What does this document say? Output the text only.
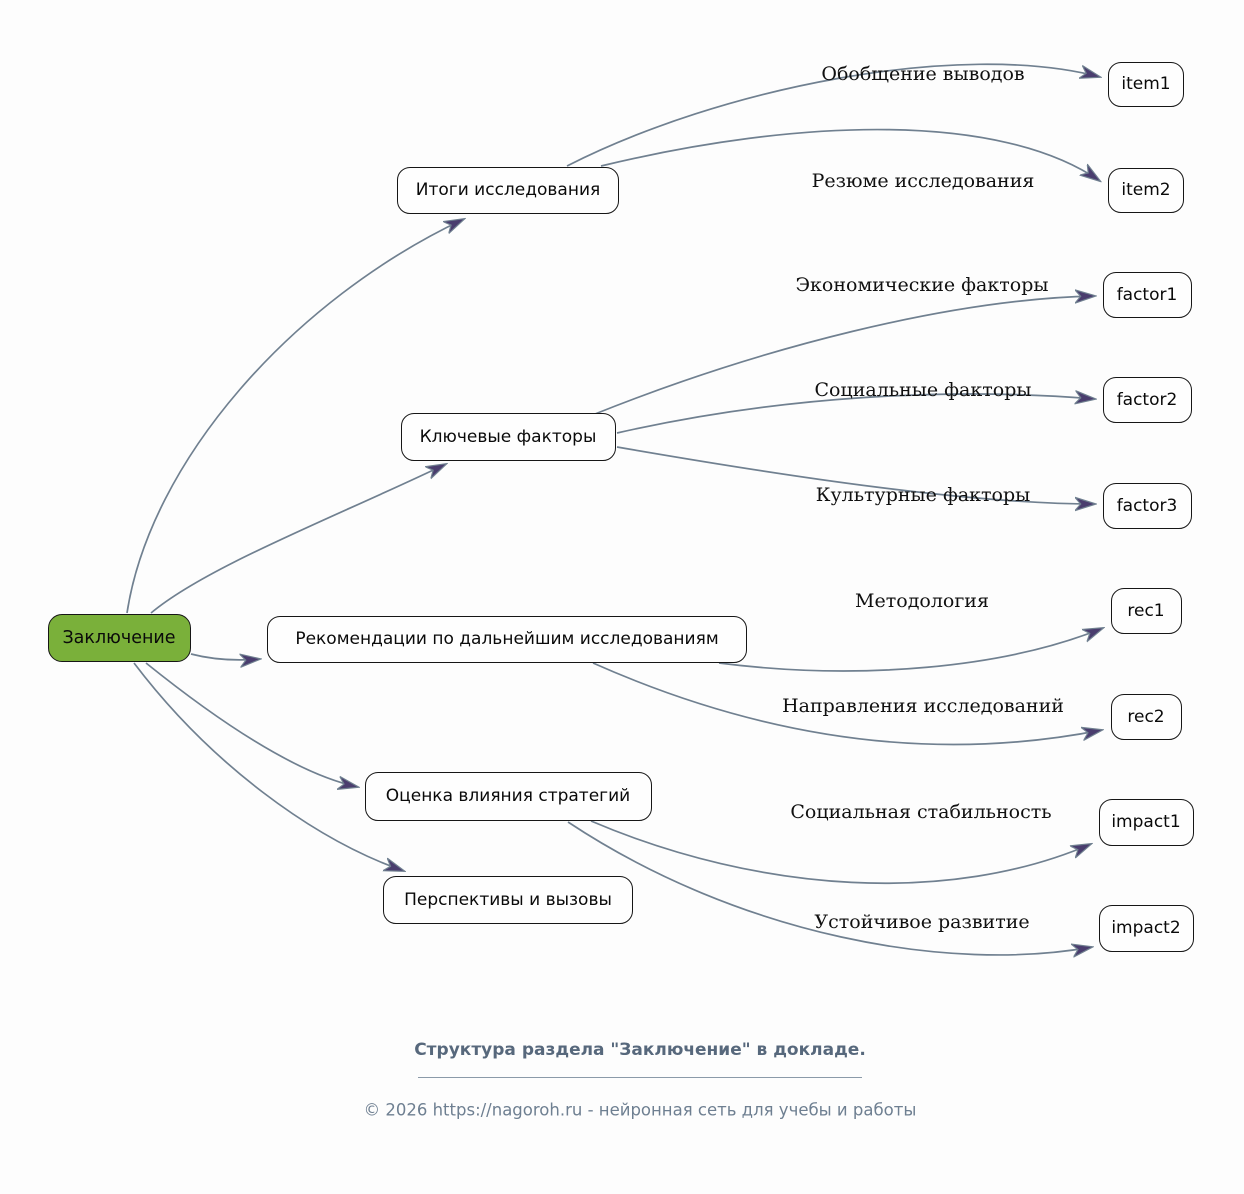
Заключение
Итоги исследования
item1
item2
Ключевые факторы
factor1
factor2
factor3
Рекомендации по дальнейшим исследованиям
rec1
rec2
Оценка влияния стратегий
impact1
impact2
Перспективы и вызовы
Обобщение выводов
Резюме исследования
Экономические факторы
Социальные факторы
Культурные факторы
Методология
Направления исследований
Социальная стабильность
Устойчивое развитие
Структура раздела "Заключение" в докладе.
© 2026 https://nagoroh.ru - нейронная сеть для учебы и работы
